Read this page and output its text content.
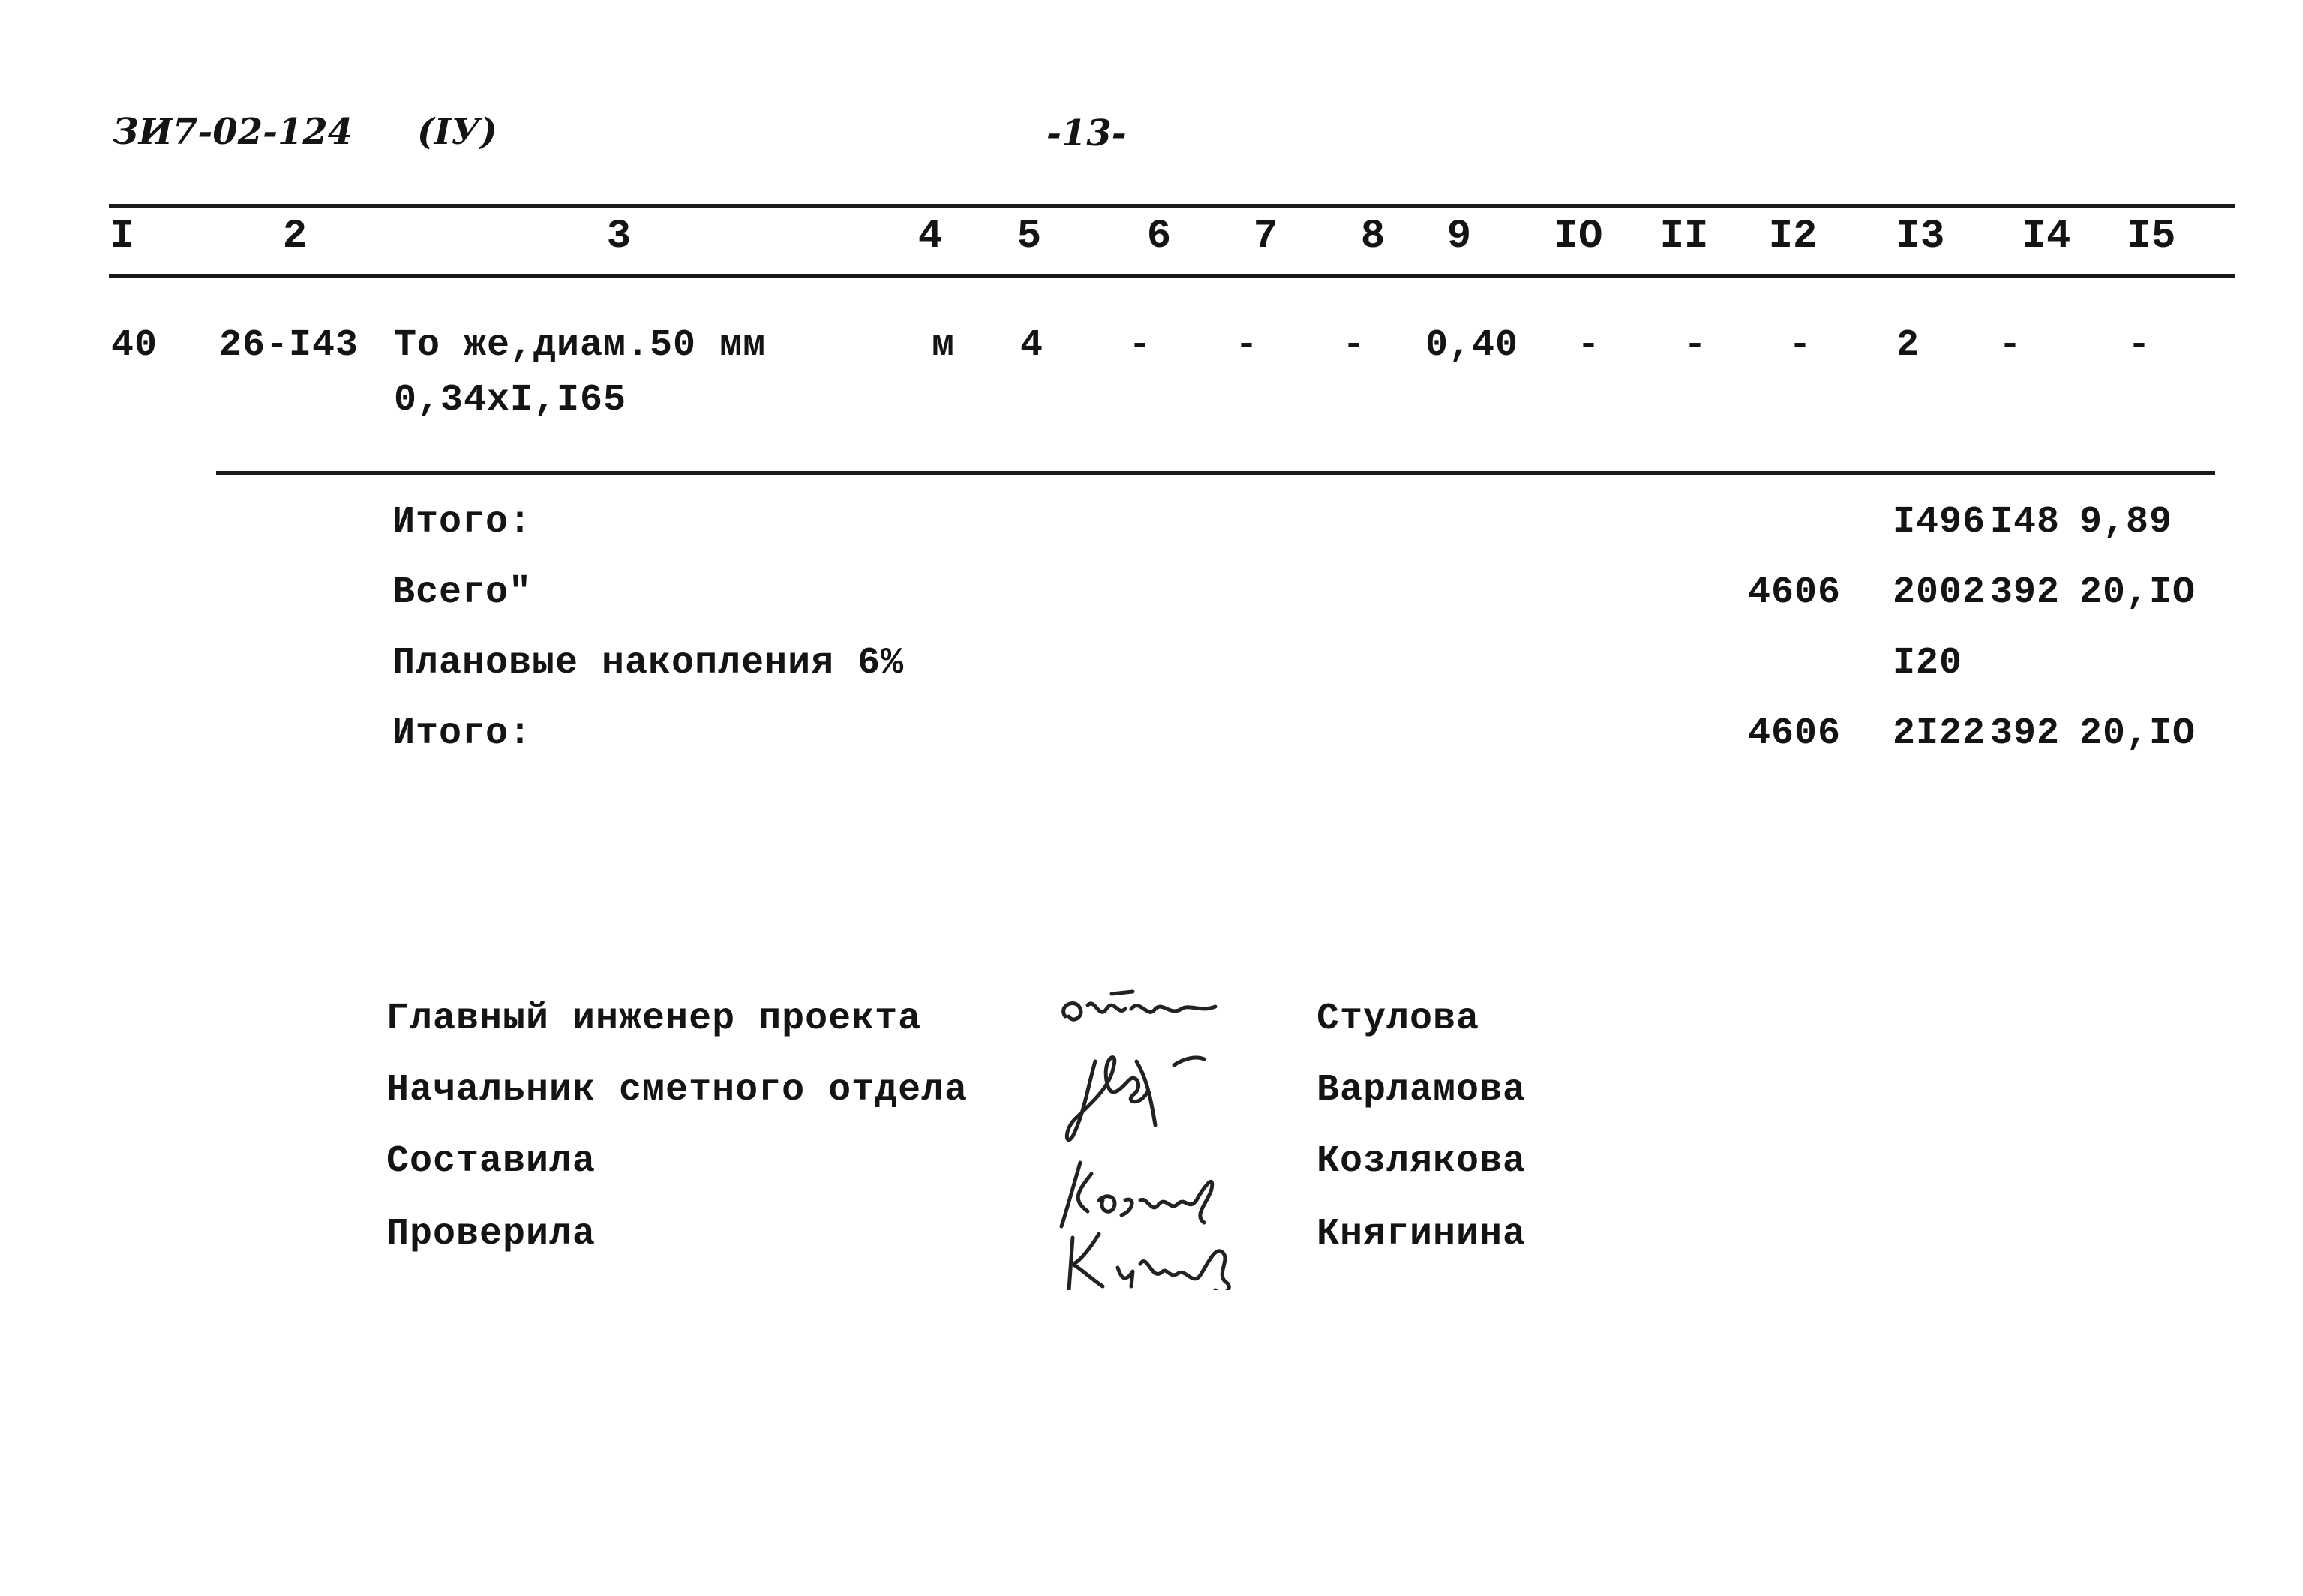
ЗИ7-02-124 (IУ)	-13-
I	2	3	4 5	6 7 8 9 IO II I2 I3 I4 I5
40 26-I43 То же,диам.50 мм
0,34xI,I65
м 4 - - - 0,40 - - - 2 -	-
Итого:	I496 I48 9,89
Всего"	4606 2002 392 20,IO
Плановые накопления 6%	I20
Итого:	4606 2I22 392 20,IO
Главный инженер проекта
Начальник сметного отдела
Составила
Проверила
Стулова
Варламова
Козлякова
Княгинина
